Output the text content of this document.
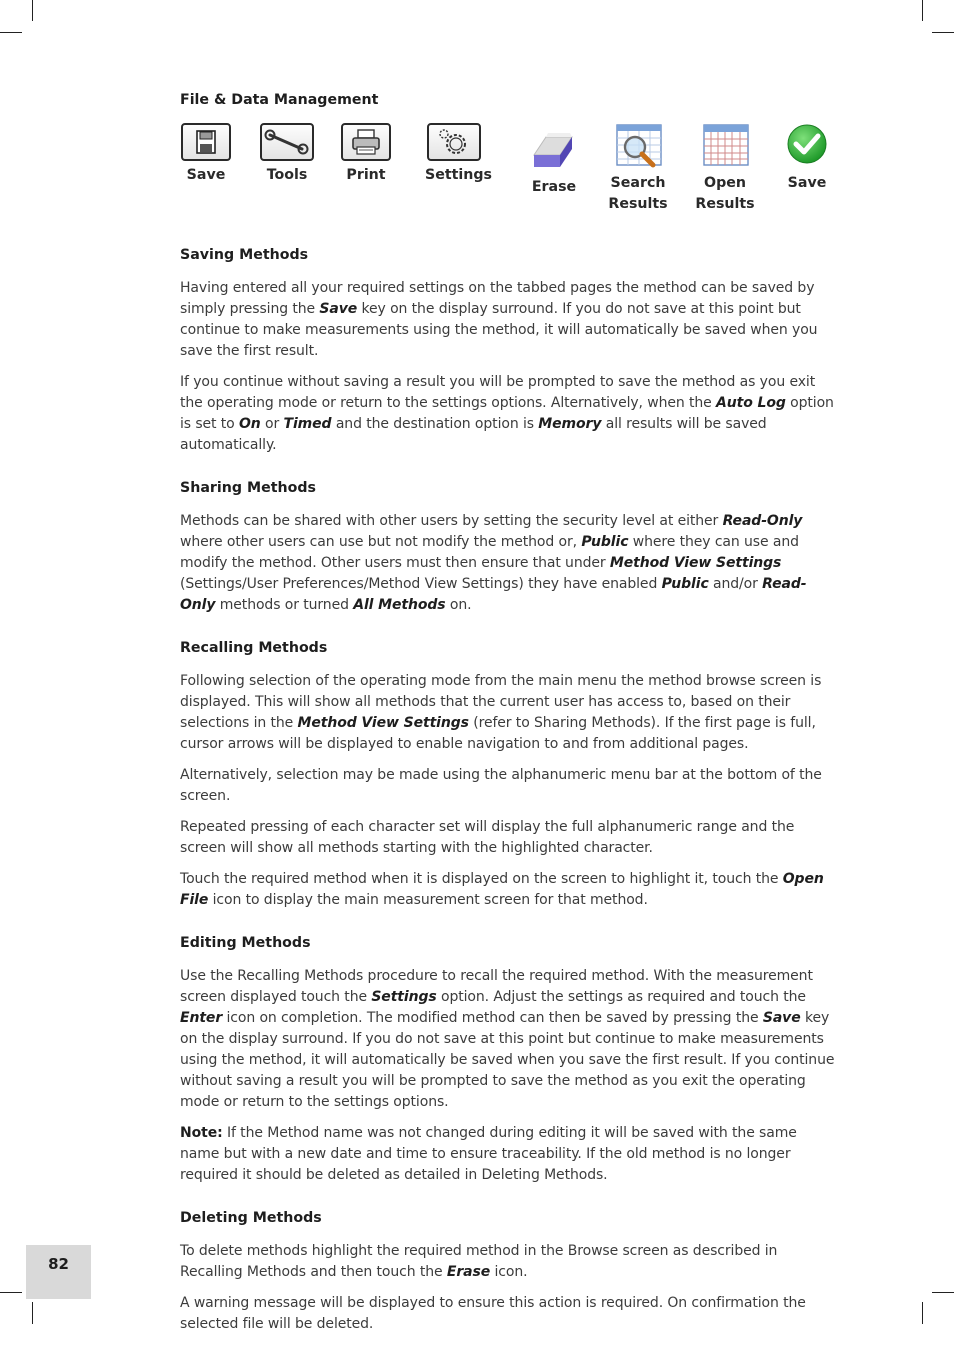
File & Data Management
Save	Tools	Print	Settings
Erase Search
Results
Open
Results
Save
Saving Methods

Having entered all your required settings on the tabbed pages the method can be saved by simply pressing the Save key on the display surround. If you do not save at this point but continue to make measurements using the method, it will automatically be saved when you save the first result.

If you continue without saving a result you will be prompted to save the method as you exit the operating mode or return to the settings options. Alternatively, when the Auto Log option is set to On or Timed and the destination option is Memory all results will be saved automatically.

Sharing Methods

Methods can be shared with other users by setting the security level at either Read-Only where other users can use but not modify the method or, Public where they can use and modify the method. Other users must then ensure that under Method View Settings (Settings/User Preferences/Method View Settings) they have enabled Public and/or Read-Only methods or turned All Methods on.

Recalling Methods

Following selection of the operating mode from the main menu the method browse screen is displayed. This will show all methods that the current user has access to, based on their selections in the Method View Settings (refer to Sharing Methods). If the first page is full, cursor arrows will be displayed to enable navigation to and from additional pages.

Alternatively, selection may be made using the alphanumeric menu bar at the bottom of the screen.

Repeated pressing of each character set will display the full alphanumeric range and the screen will show all methods starting with the highlighted character.

Touch the required method when it is displayed on the screen to highlight it, touch the Open File icon to display the main measurement screen for that method.

Editing Methods

Use the Recalling Methods procedure to recall the required method. With the measurement screen displayed touch the Settings option. Adjust the settings as required and touch the Enter icon on completion. The modified method can then be saved by pressing the Save key on the display surround. If you do not save at this point but continue to make measurements using the method, it will automatically be saved when you save the first result. If you continue without saving a result you will be prompted to save the method as you exit the operating mode or return to the settings options.

Note: If the Method name was not changed during editing it will be saved with the same name but with a new date and time to ensure traceability. If the old method is no longer required it should be deleted as detailed in Deleting Methods.

Deleting Methods

To delete methods highlight the required method in the Browse screen as described in Recalling Methods and then touch the Erase icon.

A warning message will be displayed to ensure this action is required. On confirmation the selected file will be deleted.

82
